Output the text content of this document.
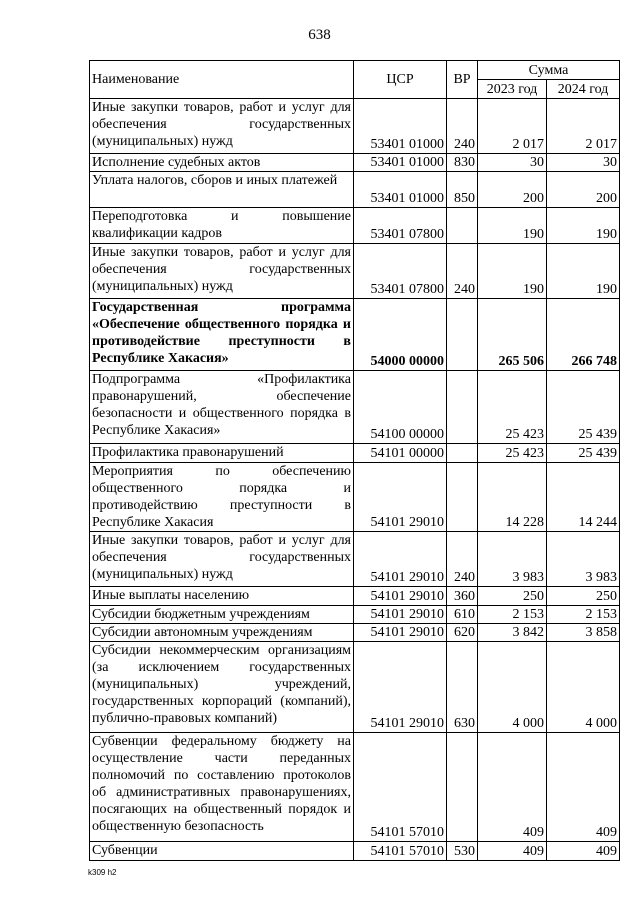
638
Наименование	ЦСР	ВР	Сумма	
			2023 год	2024 год
Иные закупки товаров, работ и услуг для обеспечения государственных (муниципальных) нужд	53401 01000	240	2 017	2 017
Исполнение судебных актов	53401 01000	830	30	30
Уплата налогов, сборов и иных платежей	53401 01000	850	200	200
Переподготовка и повышение квалификации кадров	53401 07800		190	190
Иные закупки товаров, работ и услуг для обеспечения государственных (муниципальных) нужд	53401 07800	240	190	190
Государственная программа «Обеспечение общественного порядка и противодействие преступности в Республике Хакасия»	54000 00000		265 506	266 748
Подпрограмма «Профилактика правонарушений, обеспечение безопасности и общественного порядка в Республике Хакасия»	54100 00000		25 423	25 439
Профилактика правонарушений	54101 00000		25 423	25 439
Мероприятия по обеспечению общественного порядка и противодействию преступности в Республике Хакасия	54101 29010		14 228	14 244
Иные закупки товаров, работ и услуг для обеспечения государственных (муниципальных) нужд	54101 29010	240	3 983	3 983
Иные выплаты населению	54101 29010	360	250	250
Субсидии бюджетным учреждениям	54101 29010	610	2 153	2 153
Субсидии автономным учреждениям	54101 29010	620	3 842	3 858
Субсидии некоммерческим организациям (за исключением государственных (муниципальных) учреждений, государственных корпораций (компаний), публично-правовых компаний)	54101 29010	630	4 000	4 000
Субвенции федеральному бюджету на осуществление части переданных полномочий по составлению протоколов об административных правонарушениях, посягающих на общественный порядок и общественную безопасность	54101 57010		409	409
Субвенции	54101 57010	530	409	409
k309 h2
